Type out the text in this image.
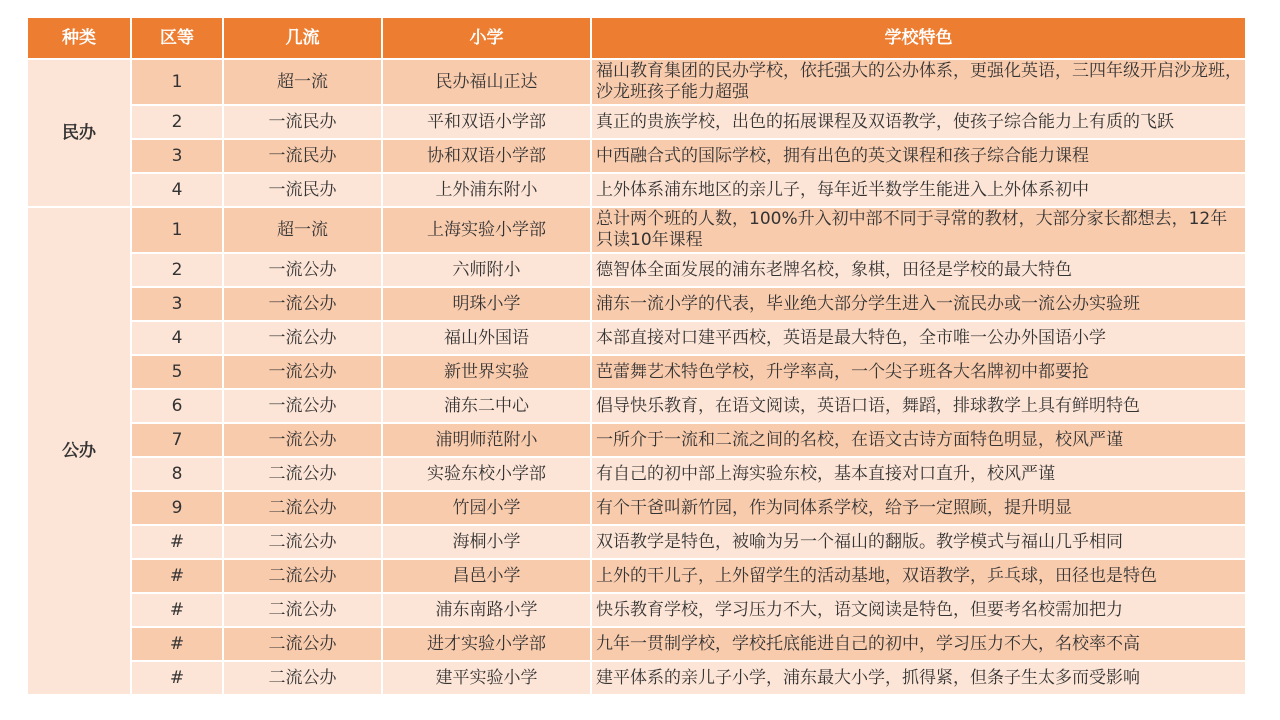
种类	区等	几流	小学	学校特色
民办	1	超一流	民办福山正达	福山教育集团的民办学校，依托强大的公办体系，更强化英语，三四年级开启沙龙班，沙龙班孩子能力超强
	2	一流民办	平和双语小学部	真正的贵族学校，出色的拓展课程及双语教学，使孩子综合能力上有质的飞跃
	3	一流民办	协和双语小学部	中西融合式的国际学校，拥有出色的英文课程和孩子综合能力课程
	4	一流民办	上外浦东附小	上外体系浦东地区的亲儿子，每年近半数学生能进入上外体系初中
公办	1	超一流	上海实验小学部	总计两个班的人数，100%升入初中部不同于寻常的教材，大部分家长都想去，12年只读10年课程
	2	一流公办	六师附小	德智体全面发展的浦东老牌名校，象棋，田径是学校的最大特色
	3	一流公办	明珠小学	浦东一流小学的代表，毕业绝大部分学生进入一流民办或一流公办实验班
	4	一流公办	福山外国语	本部直接对口建平西校，英语是最大特色，全市唯一公办外国语小学
	5	一流公办	新世界实验	芭蕾舞艺术特色学校，升学率高，一个尖子班各大名牌初中都要抢
	6	一流公办	浦东二中心	倡导快乐教育，在语文阅读，英语口语，舞蹈，排球教学上具有鲜明特色
	7	一流公办	浦明师范附小	一所介于一流和二流之间的名校，在语文古诗方面特色明显，校风严谨
	8	二流公办	实验东校小学部	有自己的初中部上海实验东校，基本直接对口直升，校风严谨
	9	二流公办	竹园小学	有个干爸叫新竹园，作为同体系学校，给予一定照顾，提升明显
	#	二流公办	海桐小学	双语教学是特色，被喻为另一个福山的翻版。教学模式与福山几乎相同
	#	二流公办	昌邑小学	上外的干儿子，上外留学生的活动基地，双语教学，乒乓球，田径也是特色
	#	二流公办	浦东南路小学	快乐教育学校，学习压力不大，语文阅读是特色，但要考名校需加把力
	#	二流公办	进才实验小学部	九年一贯制学校，学校托底能进自己的初中，学习压力不大，名校率不高
	#	二流公办	建平实验小学	建平体系的亲儿子小学，浦东最大小学，抓得紧，但条子生太多而受影响
